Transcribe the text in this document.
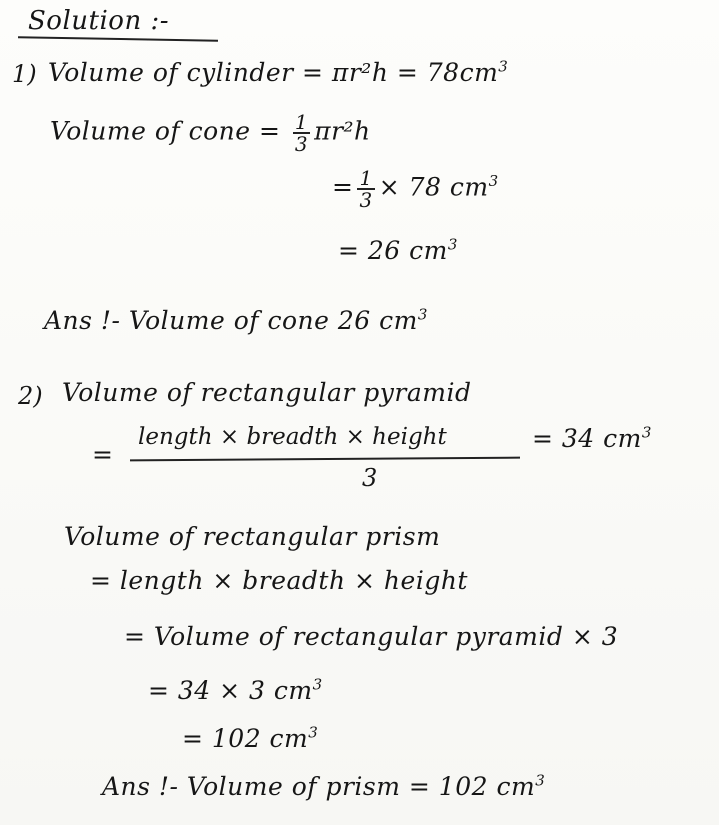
Solution :-
1) Volume of cylinder = $\pi r^2h = 78cm^3$
Volume of cone = $\frac{1}{3} \pi r^2h$
= $\frac{1}{3} \times 78$ $cm^3$
= 26 $cm^3$
Ans !- Volume of cone 26 $cm^3$
2) Volume of rectangular pyramid
=
length × breadth × height
3
= 34 $cm^3$
Volume of rectangular prism
= length × breadth × height
= Volume of rectangular pyramid × 3
= 34 × 3 $cm^3$
= 102 $cm^3$
Ans !- Volume of prism = 102 $cm^3$
